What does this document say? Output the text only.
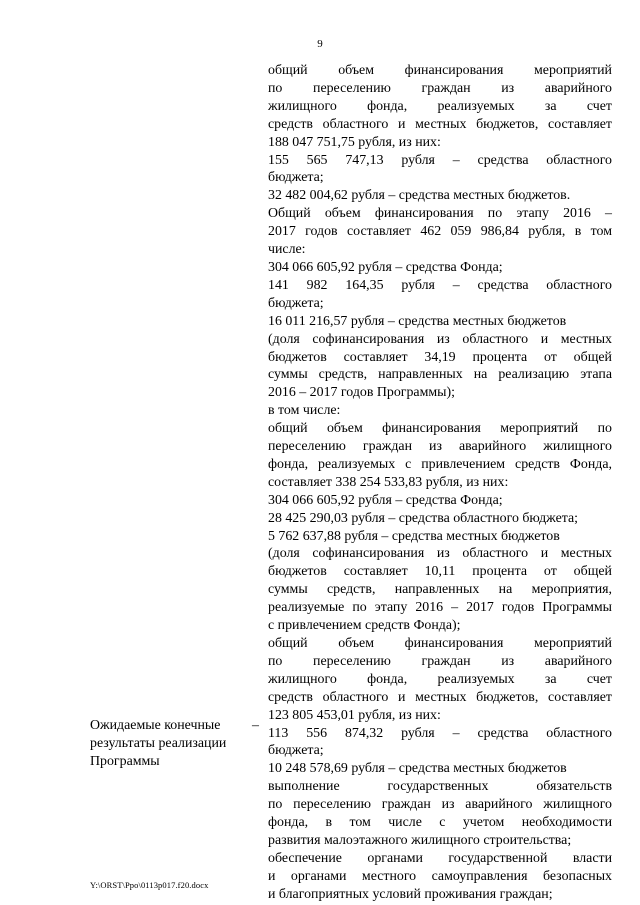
9
Ожидаемые конечные
результаты реализации
Программы
–

общий объем финансирования мероприятий

по переселению граждан из аварийного

жилищного фонда, реализуемых за счет

средств областного и местных бюджетов, составляет

188 047 751,75 рубля, из них:

155 565 747,13 рубля – средства областного

бюджета;

32 482 004,62 рубля – средства местных бюджетов.

Общий объем финансирования по этапу 2016 –

2017 годов составляет 462 059 986,84 рубля, в том

числе:

304 066 605,92 рубля – средства Фонда;

141 982 164,35 рубля – средства областного

бюджета;

16 011 216,57 рубля – средства местных бюджетов

(доля софинансирования из областного и местных

бюджетов составляет 34,19 процента от общей

суммы средств, направленных на реализацию этапа

2016 – 2017 годов Программы);

в том числе:

общий объем финансирования мероприятий по

переселению граждан из аварийного жилищного

фонда, реализуемых с привлечением средств Фонда,

составляет 338 254 533,83 рубля, из них:

304 066 605,92 рубля – средства Фонда;

28 425 290,03 рубля – средства областного бюджета;

5 762 637,88 рубля – средства местных бюджетов

(доля софинансирования из областного и местных

бюджетов составляет 10,11 процента от общей

суммы средств, направленных на мероприятия,

реализуемые по этапу 2016 – 2017 годов Программы

с привлечением средств Фонда);

общий объем финансирования мероприятий

по переселению граждан из аварийного

жилищного фонда, реализуемых за счет

средств областного и местных бюджетов, составляет

123 805 453,01 рубля, из них:

113 556 874,32 рубля – средства областного

бюджета;

10 248 578,69 рубля – средства местных бюджетов

выполнение государственных обязательств

по переселению граждан из аварийного жилищного

фонда, в том числе с учетом необходимости

развития малоэтажного жилищного строительства;

обеспечение органами государственной власти

и органами местного самоуправления безопасных

и благоприятных условий проживания граждан;

Y:\ORST\Ppo\0113p017.f20.docx
